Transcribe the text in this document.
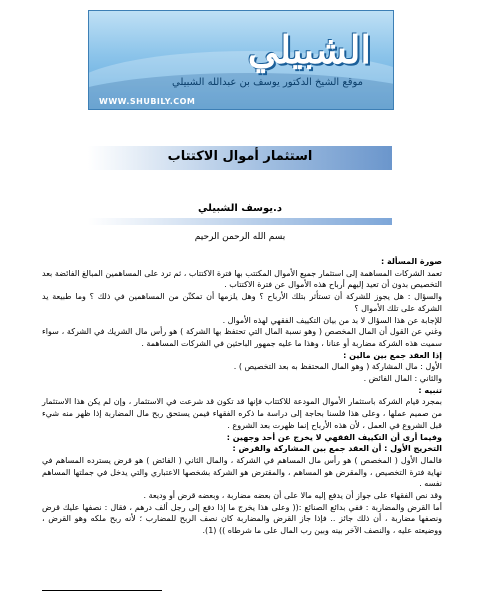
الشبيلي
موقع الشيخ الدكتور يوسف بن عبدالله الشبيلي
WWW.SHUBILY.COM
استثمار أموال الاكتتاب
د.يوسف الشبيلي
بسم الله الرحمن الرحيم

صورة المسألة :

تعمد الشركات المساهمة إلى استثمار جميع الأموال المكتتب بها فترة الاكتتاب ، ثم ترد على المساهمين المبالغ الفائضة بعد التخصيص بدون أن تعيد إليهم أرباح هذه الأموال عن فترة الاكتتاب .

والسؤال : هل يجوز للشركة أن تستأثر بتلك الأرباح ؟ وهل يلزمها أن تمكنّن من المساهمين في ذلك ؟ وما طبيعة يد الشركة على تلك الأموال ؟

للإجابة عن هذا السؤال لا بد من بيان التكييف الفقهي لهذه الأموال .

وغني عن القول أن المال المخصص ( وهو نسبة المال التي تحتفظ بها الشركة ) هو رأس مال الشريك في الشركة ، سواء سميت هذه الشركة مضاربة أو عنانا ، وهذا ما عليه جمهور الباحثين في الشركات المساهمة .

إذا العقد جمع بين مالين :

الأول : مال المشاركة ( وهو المال المحتفظ به بعد التخصيص ) .

والثاني : المال الفائض .

تنبيه :

بمجرد قيام الشركة باستثمار الأموال المودعة للاكتتاب فإنها قد تكون قد شرعت في الاستثمار ، وإن لم يكن هذا الاستثمار من صميم عملها ، وعلى هذا فلسنا بحاجة إلى دراسة ما ذكره الفقهاء فيمن يستحق ربح مال المضاربة إذا ظهر منه شيء قبل الشروع في العمل ، لأن هذه الأرباح إنما ظهرت بعد الشروع .

وفيما أرى أن التكييف الفقهي لا يخرج عن أحد وجهين :

التخريج الأول : أن العقد جمع بين المشاركة والقرض :

فالمال الأول ( المخصص ) هو رأس مال المساهم في الشركة ، والمال الثاني ( الفائض ) هو قرض يسترده المساهم في نهاية فترة التخصيص ، والمقرض هو المساهم ، والمقترض هو الشركة بشخصها الاعتباري والتي يدخل في جملتها المساهم نفسه .

وقد نص الفقهاء على جواز أن يدفع إليه مالا على أن بعضه مضاربة ، وبعضه قرض أو وديعة .

أما القرض والمضاربة : ففي بدائع الصنائع :(( وعلى هذا يخرج ما إذا دفع إلى رجل ألف درهم ، فقال : نصفها عليك قرض ونصفها مضاربة ، أن ذلك جائز .. فإذا جاز القرض والمضاربة كان نصف الربح للمضارب ؛ لأنه ربح ملكه وهو القرض ، ووضيعته عليه ، والنصف الآخر بينه وبين رب المال على ما شرطاه )) (1).
